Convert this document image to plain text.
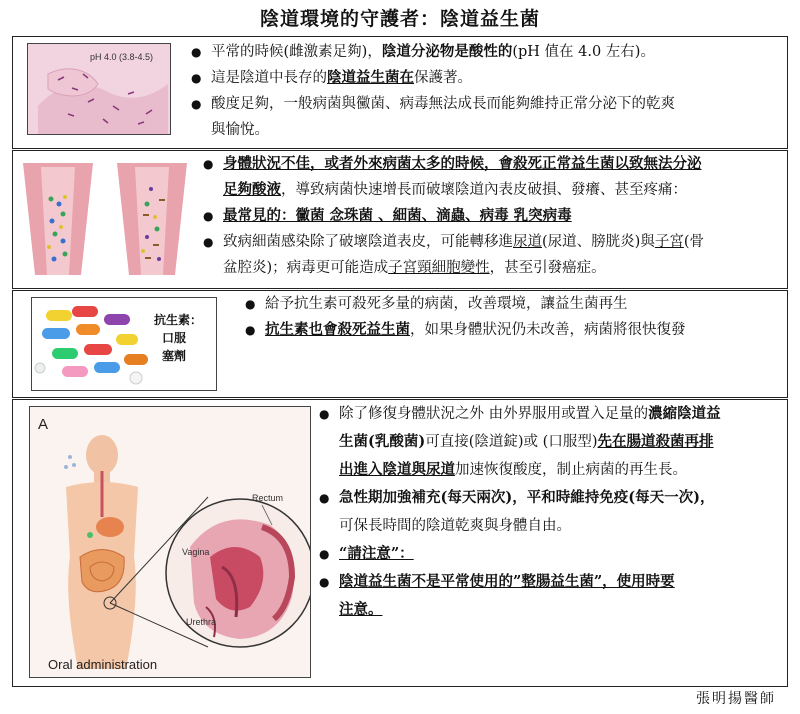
陰道環境的守護者：陰道益生菌
pH 4.0 (3.8-4.5)
●	平常的時候(雌激素足夠)，陰道分泌物是酸性的(pH 值在 4.0 左右)。
● 這是陰道中長存的陰道益生菌在保護著。
● 酸度足夠，一般病菌與黴菌、病毒無法成長而能夠維持正常分泌下的乾爽
與愉悅。
● 身體狀況不佳，或者外來病菌太多的時候，會殺死正常益生菌以致無法分泌
足夠酸液，導致病菌快速增長而破壞陰道內表皮破損、發癢、甚至疼痛：
● 最常見的：黴菌 念珠菌 、細菌、滴蟲、病毒 乳突病毒
● 致病細菌感染除了破壞陰道表皮，可能轉移進尿道(尿道、膀胱炎)與子宮(骨
盆腔炎)；病毒更可能造成子宮頸細胞變性，甚至引發癌症。
抗生素：
口服
塞劑
● 給予抗生素可殺死多量的病菌，改善環境，讓益生菌再生
● 抗生素也會殺死益生菌，如果身體狀況仍未改善，病菌將很快復發
A
Rectum
Vagina
Urethra
Oral administration
● 除了修復身體狀況之外 由外界服用或置入足量的濃縮陰道益
生菌(乳酸菌)可直接(陰道錠)或 (口服型)先在腸道殺菌再排
出進入陰道與尿道加速恢復酸度，制止病菌的再生長。
● 急性期加強補充(每天兩次)，平和時維持免疫(每天一次)，
可保長時間的陰道乾爽與身體自由。
● “請注意”：
● 陰道益生菌不是平常使用的”整腸益生菌”，使用時要
注意。
張明揚醫師
